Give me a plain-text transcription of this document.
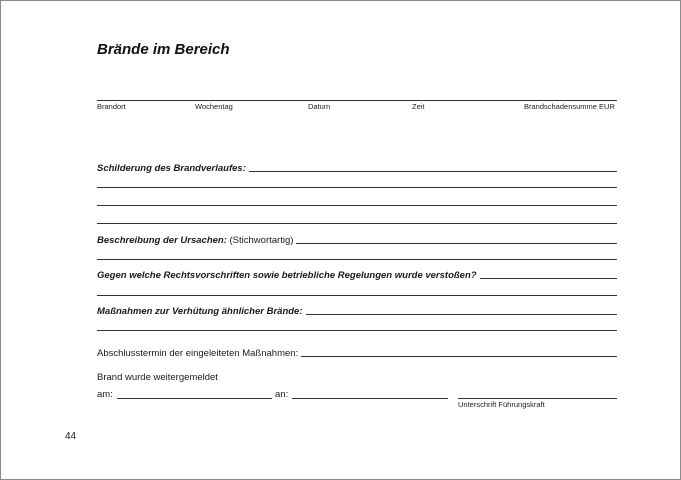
Brände im Bereich
Brandort	Wochentag	Datum	Zeit	Brandschadensumme EUR
Schilderung des Brandverlaufes:
Beschreibung der Ursachen: (Stichwortartig)
Gegen welche Rechtsvorschriften sowie betriebliche Regelungen wurde verstoßen?
Maßnahmen zur Verhütung ähnlicher Brände:
Abschlusstermin der eingeleiteten Maßnahmen:
Brand wurde weitergemeldet
am:	an:
Unterschrift Führungskraft
44
